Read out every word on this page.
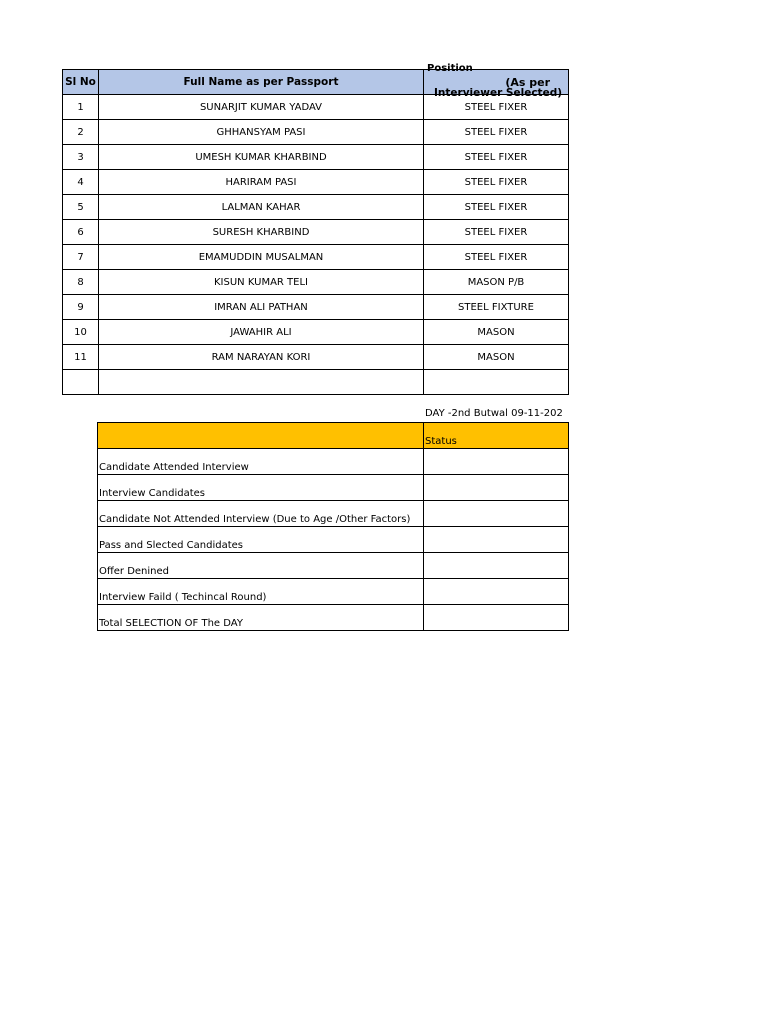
Sl No	Full Name as per Passport	Position
(As per
Interviewer Selected)

1	SUNARJIT KUMAR YADAV	STEEL FIXER
2	GHHANSYAM PASI	STEEL FIXER
3	UMESH KUMAR KHARBIND	STEEL FIXER
4	HARIRAM PASI	STEEL FIXER
5	LALMAN KAHAR	STEEL FIXER
6	SURESH KHARBIND	STEEL FIXER
7	EMAMUDDIN MUSALMAN	STEEL FIXER
8	KISUN KUMAR TELI	MASON P/B
9	IMRAN ALI PATHAN	STEEL FIXTURE
10	JAWAHIR ALI	MASON
11	RAM NARAYAN KORI	MASON

DAY -2nd Butwal 09-11-202
	Status
Candidate Attended Interview	
Interview Candidates	
Candidate Not Attended Interview (Due to Age /Other Factors)	
Pass and Slected Candidates	
Offer Denined	
Interview Faild ( Techincal Round)	
Total SELECTION OF The DAY	
